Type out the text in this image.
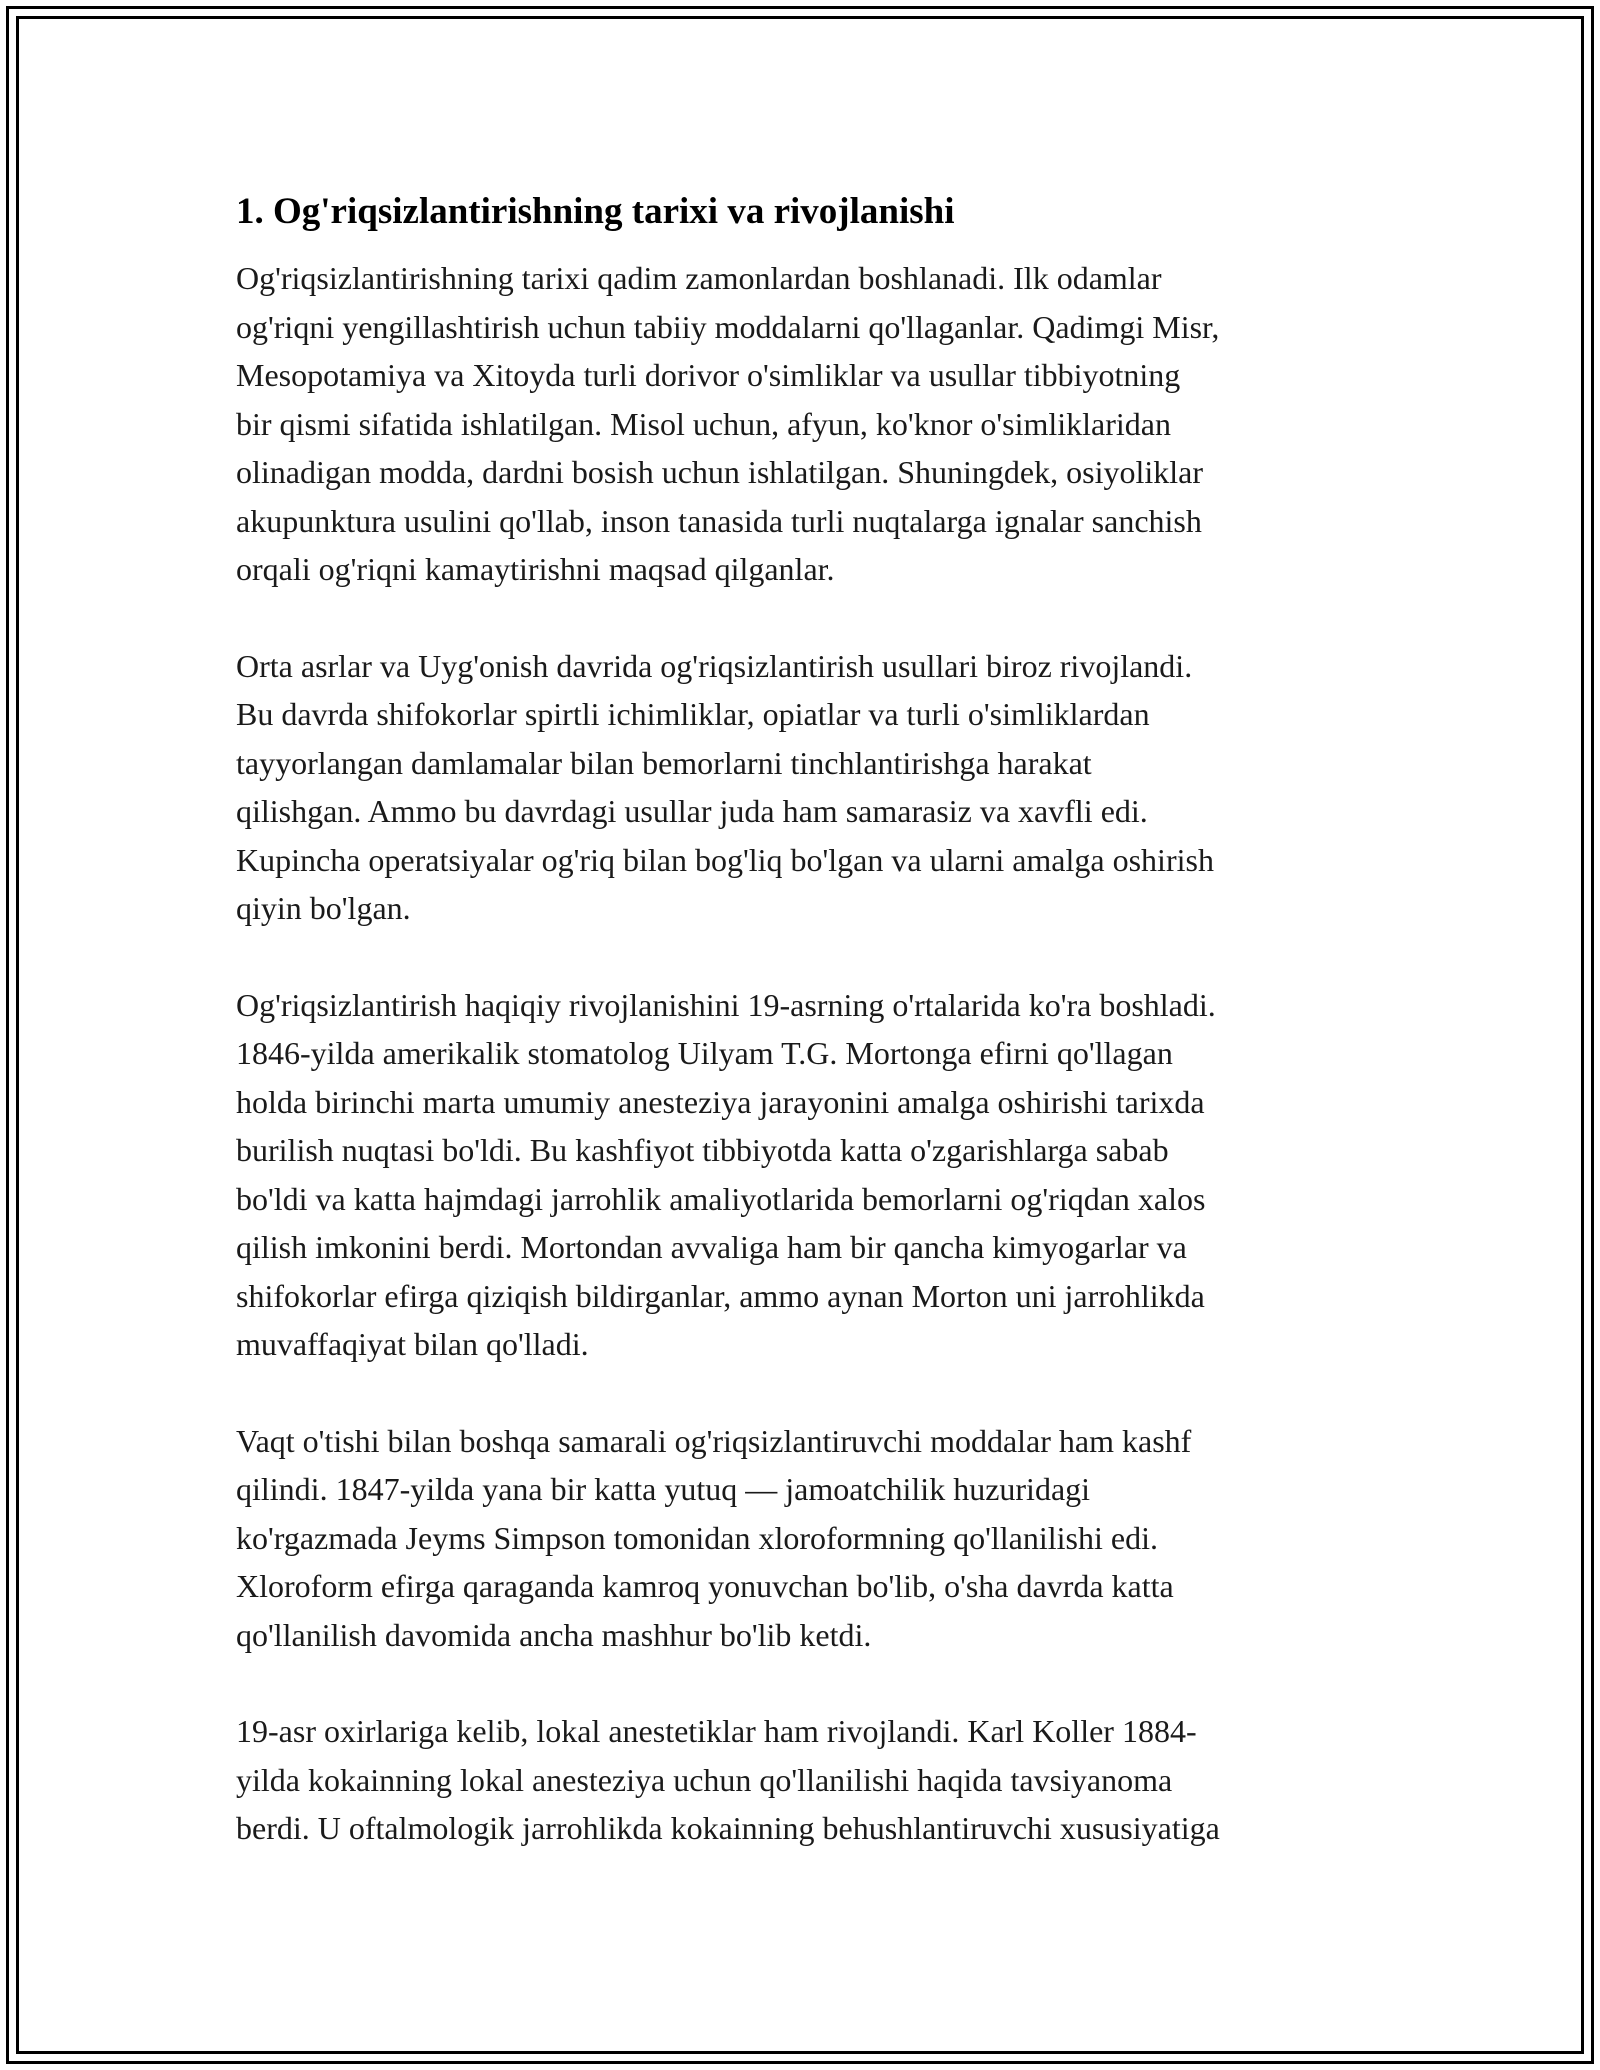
1. Og'riqsizlantirishning tarixi va rivojlanishi

Og'riqsizlantirishning tarixi qadim zamonlardan boshlanadi. Ilk odamlar
og'riqni yengillashtirish uchun tabiiy moddalarni qo'llaganlar. Qadimgi Misr,
Mesopotamiya va Xitoyda turli dorivor o'simliklar va usullar tibbiyotning
bir qismi sifatida ishlatilgan. Misol uchun, afyun, ko'knor o'simliklaridan
olinadigan modda, dardni bosish uchun ishlatilgan. Shuningdek, osiyoliklar
akupunktura usulini qo'llab, inson tanasida turli nuqtalarga ignalar sanchish
orqali og'riqni kamaytirishni maqsad qilganlar.

Orta asrlar va Uyg'onish davrida og'riqsizlantirish usullari biroz rivojlandi.
Bu davrda shifokorlar spirtli ichimliklar, opiatlar va turli o'simliklardan
tayyorlangan damlamalar bilan bemorlarni tinchlantirishga harakat
qilishgan. Ammo bu davrdagi usullar juda ham samarasiz va xavfli edi.
Kupincha operatsiyalar og'riq bilan bog'liq bo'lgan va ularni amalga oshirish
qiyin bo'lgan.

Og'riqsizlantirish haqiqiy rivojlanishini 19-asrning o'rtalarida ko'ra boshladi.
1846-yilda amerikalik stomatolog Uilyam T.G. Mortonga efirni qo'llagan
holda birinchi marta umumiy anesteziya jarayonini amalga oshirishi tarixda
burilish nuqtasi bo'ldi. Bu kashfiyot tibbiyotda katta o'zgarishlarga sabab
bo'ldi va katta hajmdagi jarrohlik amaliyotlarida bemorlarni og'riqdan xalos
qilish imkonini berdi. Mortondan avvaliga ham bir qancha kimyogarlar va
shifokorlar efirga qiziqish bildirganlar, ammo aynan Morton uni jarrohlikda
muvaffaqiyat bilan qo'lladi.

Vaqt o'tishi bilan boshqa samarali og'riqsizlantiruvchi moddalar ham kashf
qilindi. 1847-yilda yana bir katta yutuq — jamoatchilik huzuridagi
ko'rgazmada Jeyms Simpson tomonidan xloroformning qo'llanilishi edi.
Xloroform efirga qaraganda kamroq yonuvchan bo'lib, o'sha davrda katta
qo'llanilish davomida ancha mashhur bo'lib ketdi.

19-asr oxirlariga kelib, lokal anestetiklar ham rivojlandi. Karl Koller 1884-
yilda kokainning lokal anesteziya uchun qo'llanilishi haqida tavsiyanoma
berdi. U oftalmologik jarrohlikda kokainning behushlantiruvchi xususiyatiga
